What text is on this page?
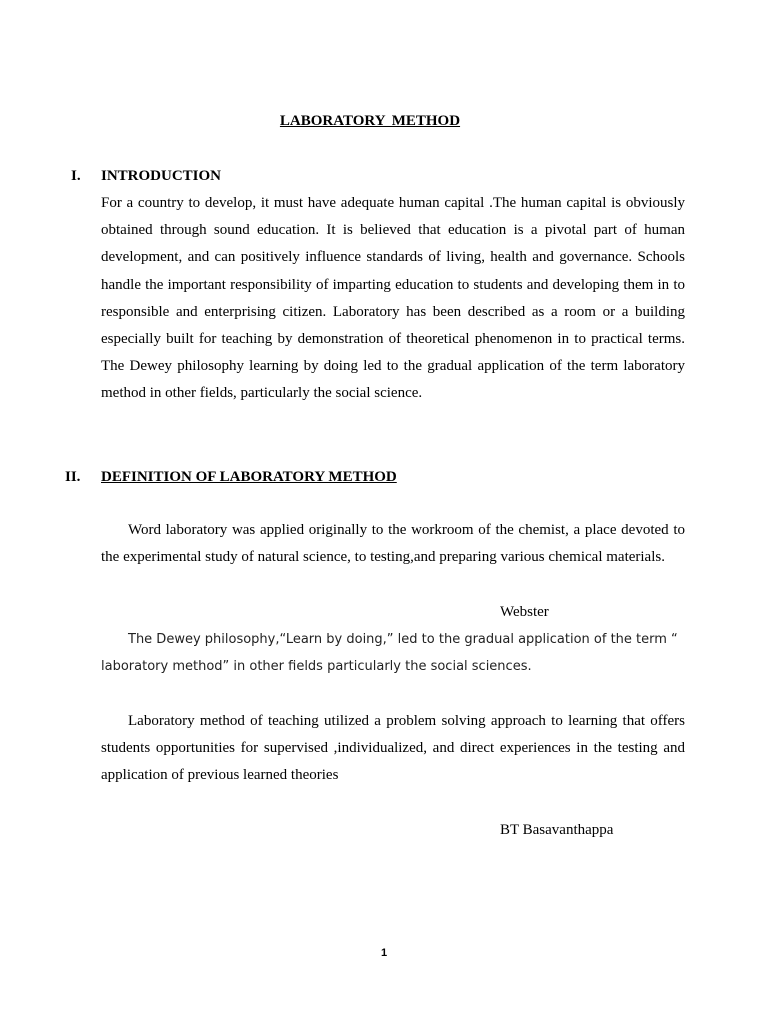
LABORATORY METHOD
I. INTRODUCTION

For a country to develop, it must have adequate human capital .The human capital is obviously obtained through sound education. It is believed that education is a pivotal part of human development, and can positively influence standards of living, health and governance. Schools handle the important responsibility of imparting education to students and developing them in to responsible and enterprising citizen. Laboratory has been described as a room or a building especially built for teaching by demonstration of theoretical phenomenon in to practical terms. The Dewey philosophy learning by doing led to the gradual application of the term laboratory method in other fields, particularly the social science.

II. DEFINITION OF LABORATORY METHOD

Word laboratory was applied originally to the workroom of the chemist, a place devoted to the experimental study of natural science, to testing,and preparing various chemical materials.

Webster

The Dewey philosophy,“Learn by doing,” led to the gradual application of the term “ laboratory method” in other fields particularly the social sciences.

Laboratory method of teaching utilized a problem solving approach to learning that offers students opportunities for supervised ,individualized, and direct experiences in the testing and application of previous learned theories

BT Basavanthappa
1
